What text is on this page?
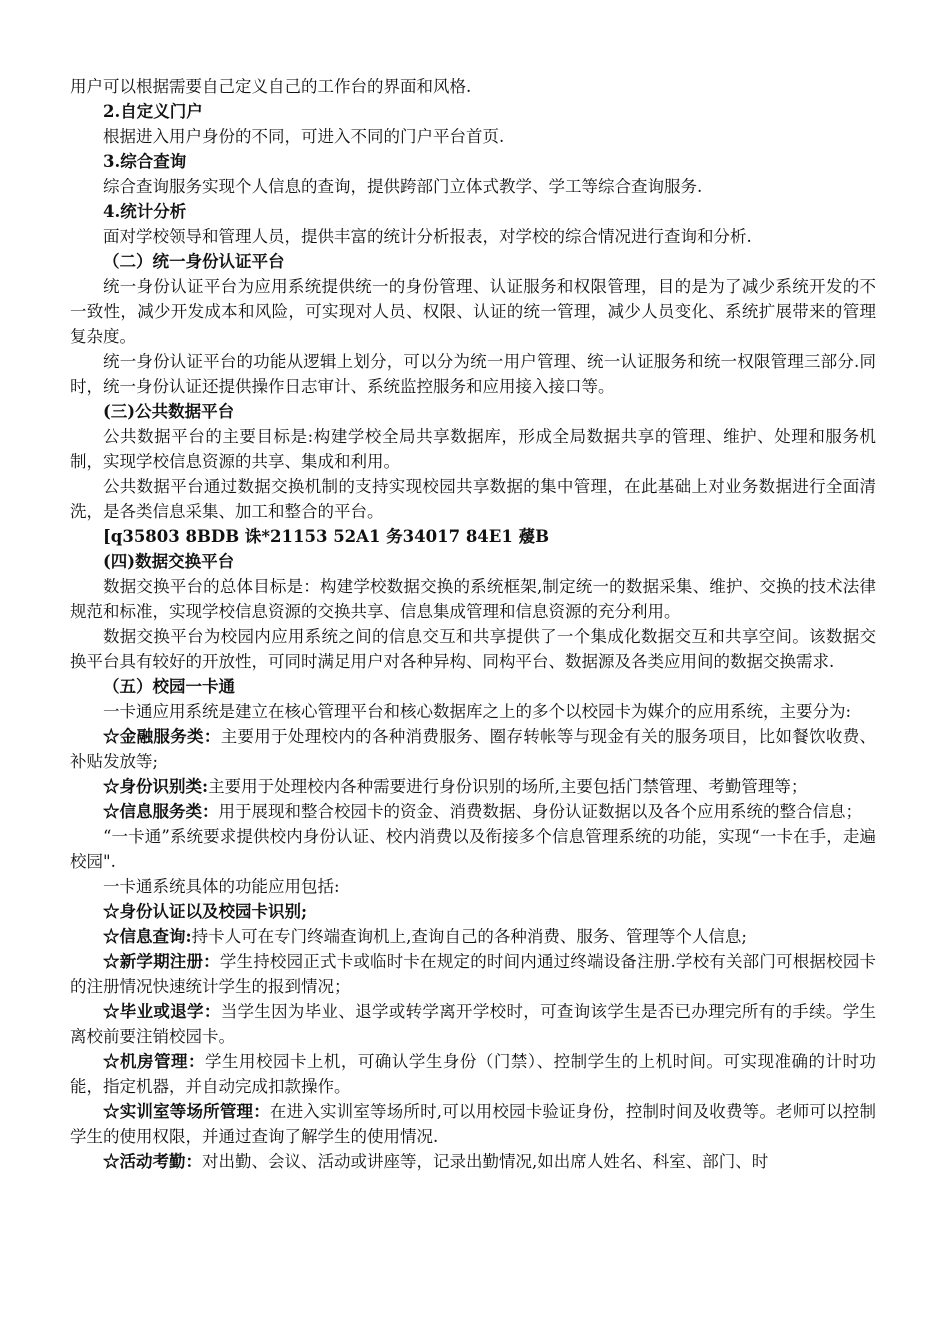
用户可以根据需要自己定义自己的工作台的界面和风格.

2.自定义门户

根据进入用户身份的不同，可进入不同的门户平台首页.

3.综合查询

综合查询服务实现个人信息的查询，提供跨部门立体式教学、学工等综合查询服务.

4.统计分析

面对学校领导和管理人员，提供丰富的统计分析报表，对学校的综合情况进行查询和分析.

（二）统一身份认证平台

统一身份认证平台为应用系统提供统一的身份管理、认证服务和权限管理，目的是为了减少系统开发的不一致性，减少开发成本和风险，可实现对人员、权限、认证的统一管理，减少人员变化、系统扩展带来的管理复杂度。

统一身份认证平台的功能从逻辑上划分，可以分为统一用户管理、统一认证服务和统一权限管理三部分.同时，统一身份认证还提供操作日志审计、系统监控服务和应用接入接口等。

(三)公共数据平台

公共数据平台的主要目标是:构建学校全局共享数据库，形成全局数据共享的管理、维护、处理和服务机制，实现学校信息资源的共享、集成和利用。

公共数据平台通过数据交换机制的支持实现校园共享数据的集中管理，在此基础上对业务数据进行全面清洗，是各类信息采集、加工和整合的平台。

[q35803 8BDB 诛*21153 52A1 务34017 84E1 蕿B

(四)数据交换平台

数据交换平台的总体目标是：构建学校数据交换的系统框架,制定统一的数据采集、维护、交换的技术法律规范和标准，实现学校信息资源的交换共享、信息集成管理和信息资源的充分利用。

数据交换平台为校园内应用系统之间的信息交互和共享提供了一个集成化数据交互和共享空间。该数据交换平台具有较好的开放性，可同时满足用户对各种异构、同构平台、数据源及各类应用间的数据交换需求.

（五）校园一卡通

一卡通应用系统是建立在核心管理平台和核心数据库之上的多个以校园卡为媒介的应用系统，主要分为:

☆金融服务类：主要用于处理校内的各种消费服务、圈存转帐等与现金有关的服务项目，比如餐饮收费、补贴发放等;

☆身份识别类:主要用于处理校内各种需要进行身份识别的场所,主要包括门禁管理、考勤管理等；

☆信息服务类：用于展现和整合校园卡的资金、消费数据、身份认证数据以及各个应用系统的整合信息；

“一卡通”系统要求提供校内身份认证、校内消费以及衔接多个信息管理系统的功能，实现“一卡在手，走遍校园".

一卡通系统具体的功能应用包括:

☆身份认证以及校园卡识别;

☆信息查询:持卡人可在专门终端查询机上,查询自己的各种消费、服务、管理等个人信息;

☆新学期注册：学生持校园正式卡或临时卡在规定的时间内通过终端设备注册.学校有关部门可根据校园卡的注册情况快速统计学生的报到情况；

☆毕业或退学：当学生因为毕业、退学或转学离开学校时，可查询该学生是否已办理完所有的手续。学生离校前要注销校园卡。

☆机房管理：学生用校园卡上机，可确认学生身份（门禁）、控制学生的上机时间。可实现准确的计时功能，指定机器，并自动完成扣款操作。

☆实训室等场所管理：在进入实训室等场所时,可以用校园卡验证身份，控制时间及收费等。老师可以控制学生的使用权限，并通过查询了解学生的使用情况.

☆活动考勤：对出勤、会议、活动或讲座等，记录出勤情况,如出席人姓名、科室、部门、时
